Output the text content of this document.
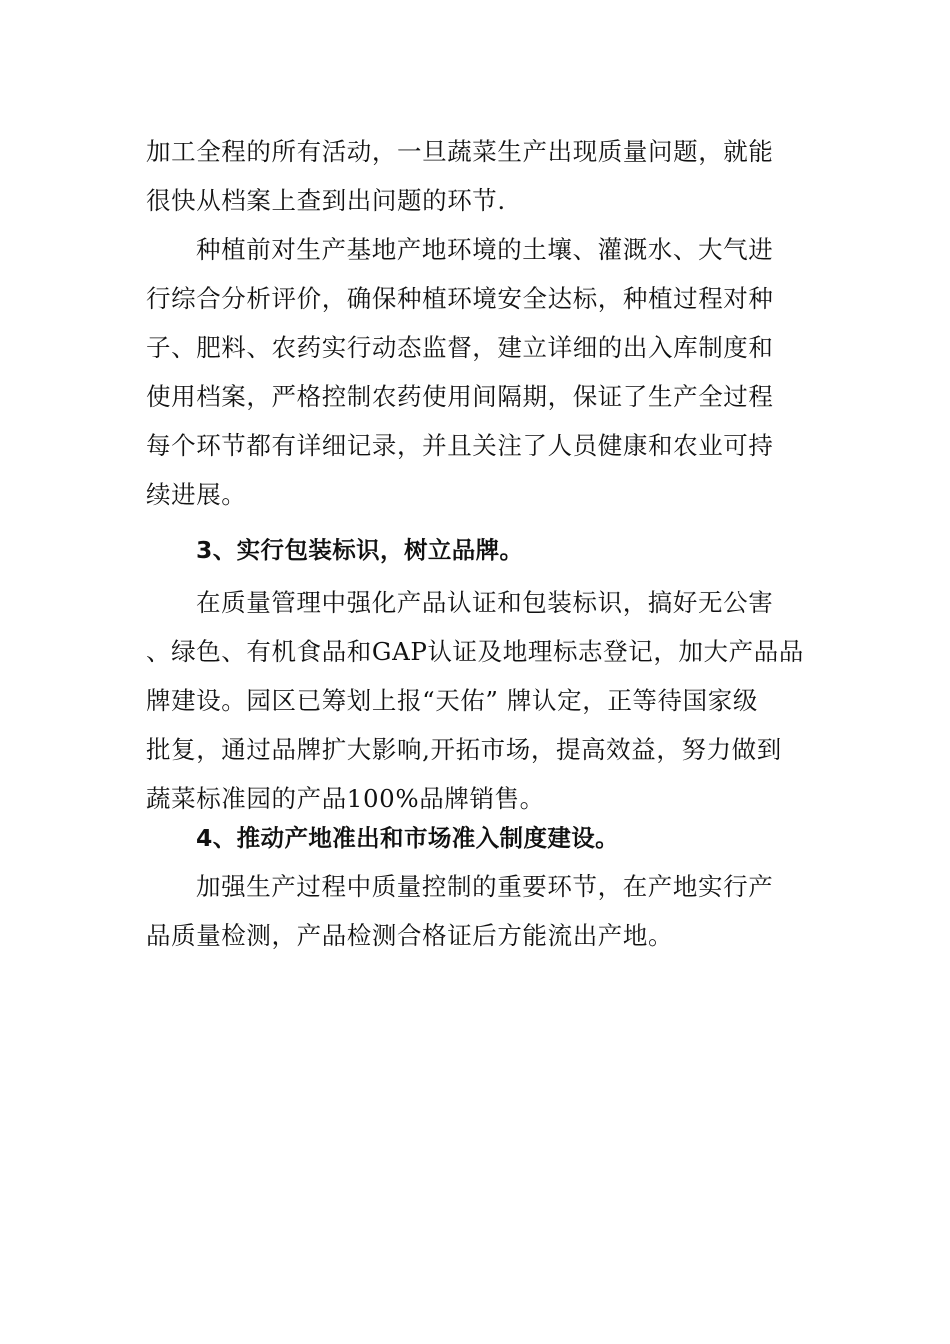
加工全程的所有活动，一旦蔬菜生产出现质量问题，就能
很快从档案上查到出问题的环节.
种植前对生产基地产地环境的土壤、灌溉水、大气进
行综合分析评价，确保种植环境安全达标，种植过程对种
子、肥料、农药实行动态监督，建立详细的出入库制度和
使用档案，严格控制农药使用间隔期，保证了生产全过程
每个环节都有详细记录，并且关注了人员健康和农业可持
续进展。
3、实行包装标识，树立品牌。
在质量管理中强化产品认证和包装标识，搞好无公害
、绿色、有机食品和GAP认证及地理标志登记，加大产品品
牌建设。园区已筹划上报“天佑” 牌认定，正等待国家级
批复，通过品牌扩大影响,开拓市场，提高效益，努力做到
蔬菜标准园的产品100%品牌销售。
4、推动产地准出和市场准入制度建设。
加强生产过程中质量控制的重要环节，在产地实行产
品质量检测，产品检测合格证后方能流出产地。
